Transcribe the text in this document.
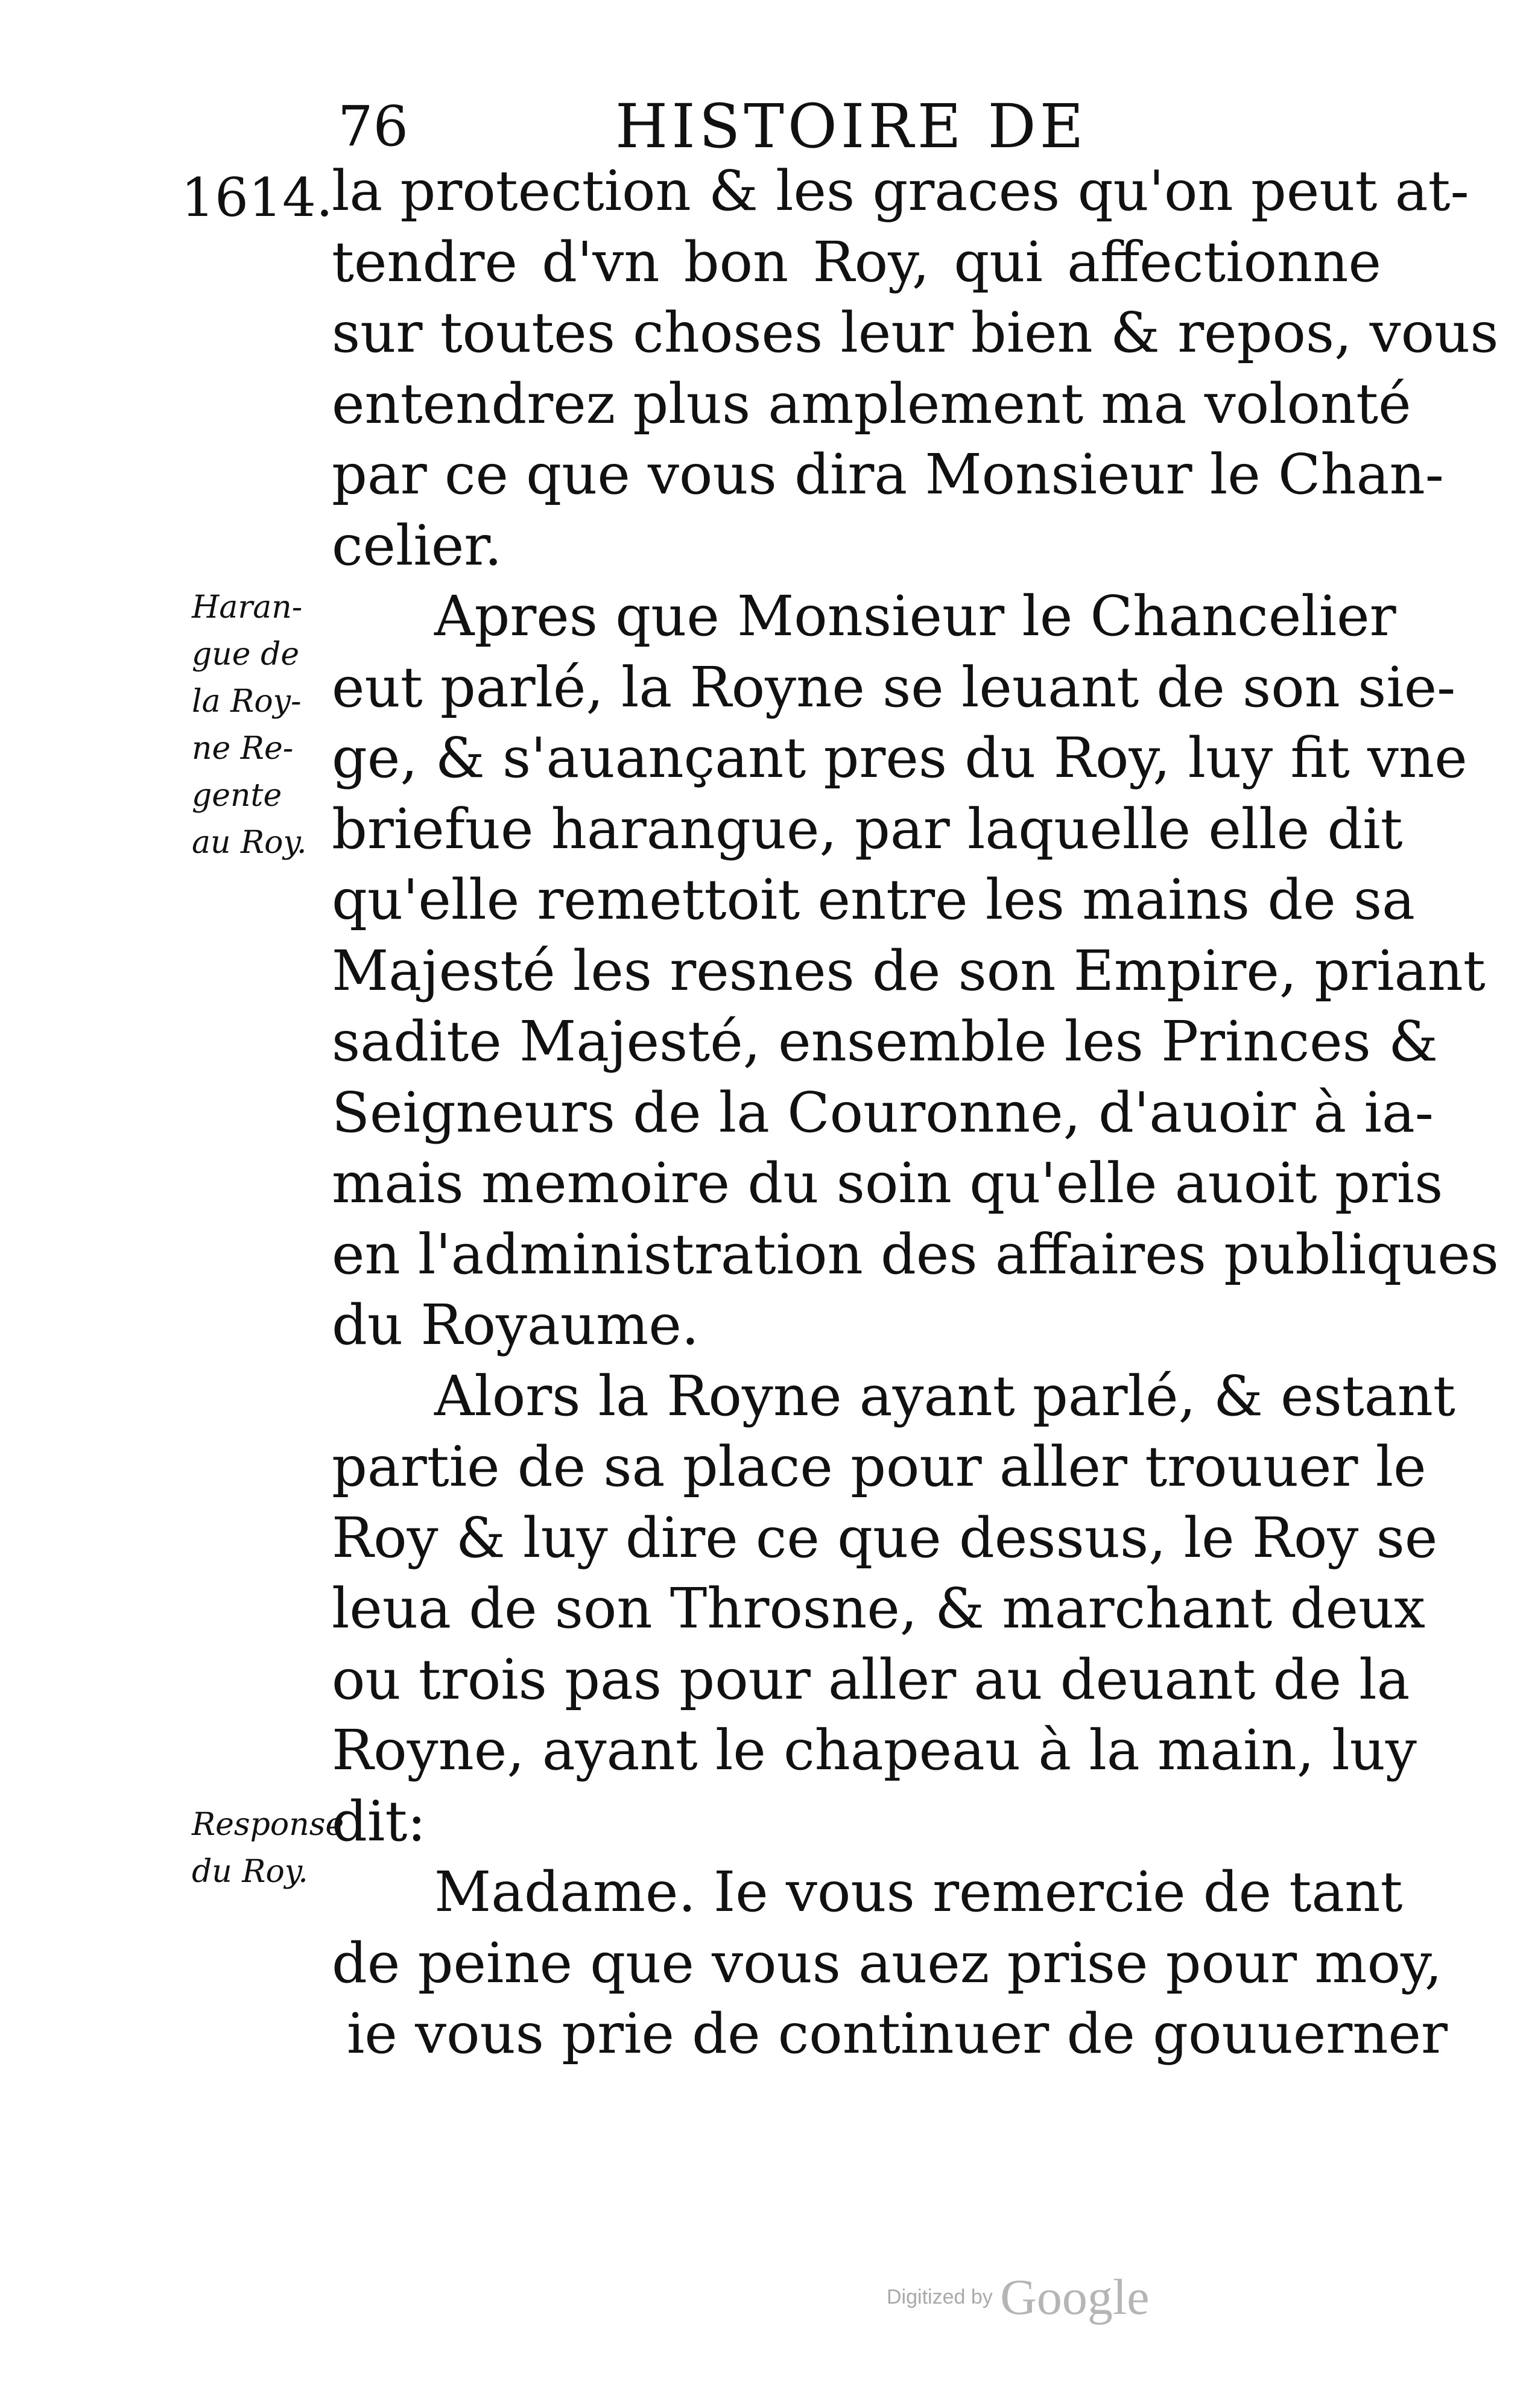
76	HISTOIRE DE
1614.
la protection & les graces qu'on peut at-
tendre d'vn bon Roy, qui affectionne
sur toutes choses leur bien & repos, vous
entendrez plus amplement ma volonté
par ce que vous dira Monsieur le Chan-
celier.
Apres que Monsieur le Chancelier
eut parlé, la Royne se leuant de son sie-
ge, & s'auançant pres du Roy, luy fit vne
briefue harangue, par laquelle elle dit
qu'elle remettoit entre les mains de sa
Majesté les resnes de son Empire, priant
sadite Majesté, ensemble les Princes &
Seigneurs de la Couronne, d'auoir à ia-
mais memoire du soin qu'elle auoit pris
en l'administration des affaires publiques
du Royaume.
Alors la Royne ayant parlé, & estant
partie de sa place pour aller trouuer le
Roy & luy dire ce que dessus, le Roy se
leua de son Throsne, & marchant deux
ou trois pas pour aller au deuant de la
Royne, ayant le chapeau à la main, luy
dit:
Madame. Ie vous remercie de tant
de peine que vous auez prise pour moy,
ie vous prie de continuer de gouuerner
Haran-
gue de
la Roy-
ne Re-
gente
au Roy.
Response
du Roy.
Digitized by Google
